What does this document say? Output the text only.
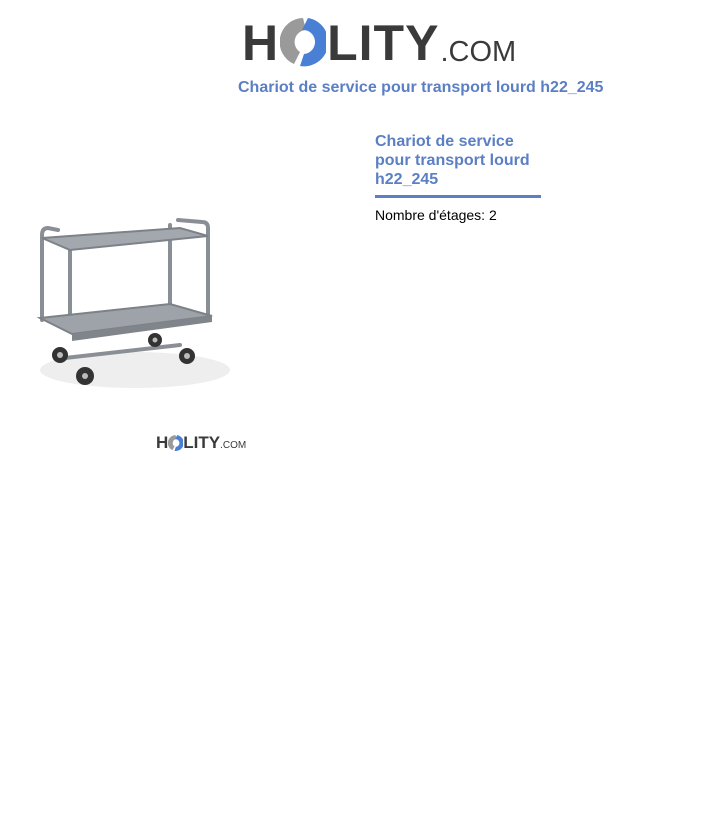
H LITY .COM
Chariot de service pour transport lourd h22_245
H LITY .COM
Chariot de service pour transport lourd h22_245
Nombre d'étages: 2
